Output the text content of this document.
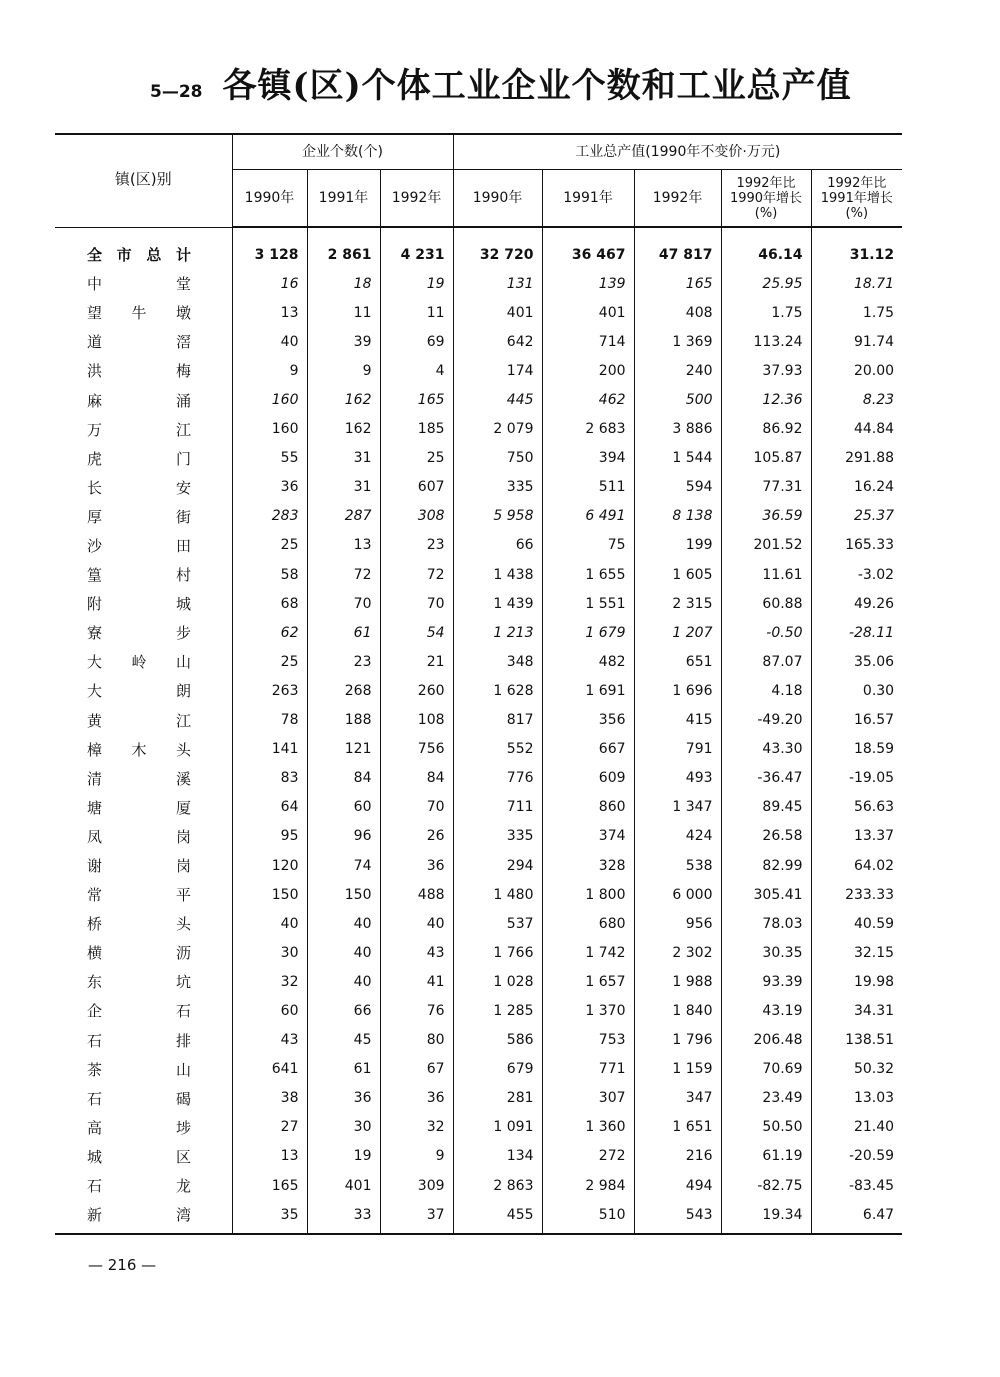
5—28 各镇(区)个体工业企业个数和工业总产值
镇(区)别	企业个数(个)			工业总产值(1990年不变价·万元)				
	1990年	1991年	1992年	1990年	1991年	1992年	1992年比1990年增长(%)	1992年比1991年增长(%)

全 市 总 计	3 128	2 861	4 231	32 720	36 467	47 817	46.14	31.12

中 堂	16	18	19	131	139	165	25.95	18.71

望 牛 墩	13	11	11	401	401	408	1.75	1.75

道 滘	40	39	69	642	714	1 369	113.24	91.74

洪 梅	9	9	4	174	200	240	37.93	20.00

麻 涌	160	162	165	445	462	500	12.36	8.23

万 江	160	162	185	2 079	2 683	3 886	86.92	44.84

虎 门	55	31	25	750	394	1 544	105.87	291.88

长 安	36	31	607	335	511	594	77.31	16.24

厚 街	283	287	308	5 958	6 491	8 138	36.59	25.37

沙 田	25	13	23	66	75	199	201.52	165.33

篁 村	58	72	72	1 438	1 655	1 605	11.61	-3.02

附 城	68	70	70	1 439	1 551	2 315	60.88	49.26

寮 步	62	61	54	1 213	1 679	1 207	-0.50	-28.11

大 岭 山	25	23	21	348	482	651	87.07	35.06

大 朗	263	268	260	1 628	1 691	1 696	4.18	0.30

黄 江	78	188	108	817	356	415	-49.20	16.57

樟 木 头	141	121	756	552	667	791	43.30	18.59

清 溪	83	84	84	776	609	493	-36.47	-19.05

塘 厦	64	60	70	711	860	1 347	89.45	56.63

凤 岗	95	96	26	335	374	424	26.58	13.37

谢 岗	120	74	36	294	328	538	82.99	64.02

常 平	150	150	488	1 480	1 800	6 000	305.41	233.33

桥 头	40	40	40	537	680	956	78.03	40.59

横 沥	30	40	43	1 766	1 742	2 302	30.35	32.15

东 坑	32	40	41	1 028	1 657	1 988	93.39	19.98

企 石	60	66	76	1 285	1 370	1 840	43.19	34.31

石 排	43	45	80	586	753	1 796	206.48	138.51

茶 山	641	61	67	679	771	1 159	70.69	50.32

石 碣	38	36	36	281	307	347	23.49	13.03

高 埗	27	30	32	1 091	1 360	1 651	50.50	21.40

城 区	13	19	9	134	272	216	61.19	-20.59

石 龙	165	401	309	2 863	2 984	494	-82.75	-83.45

新 湾	35	33	37	455	510	543	19.34	6.47
— 216 —
